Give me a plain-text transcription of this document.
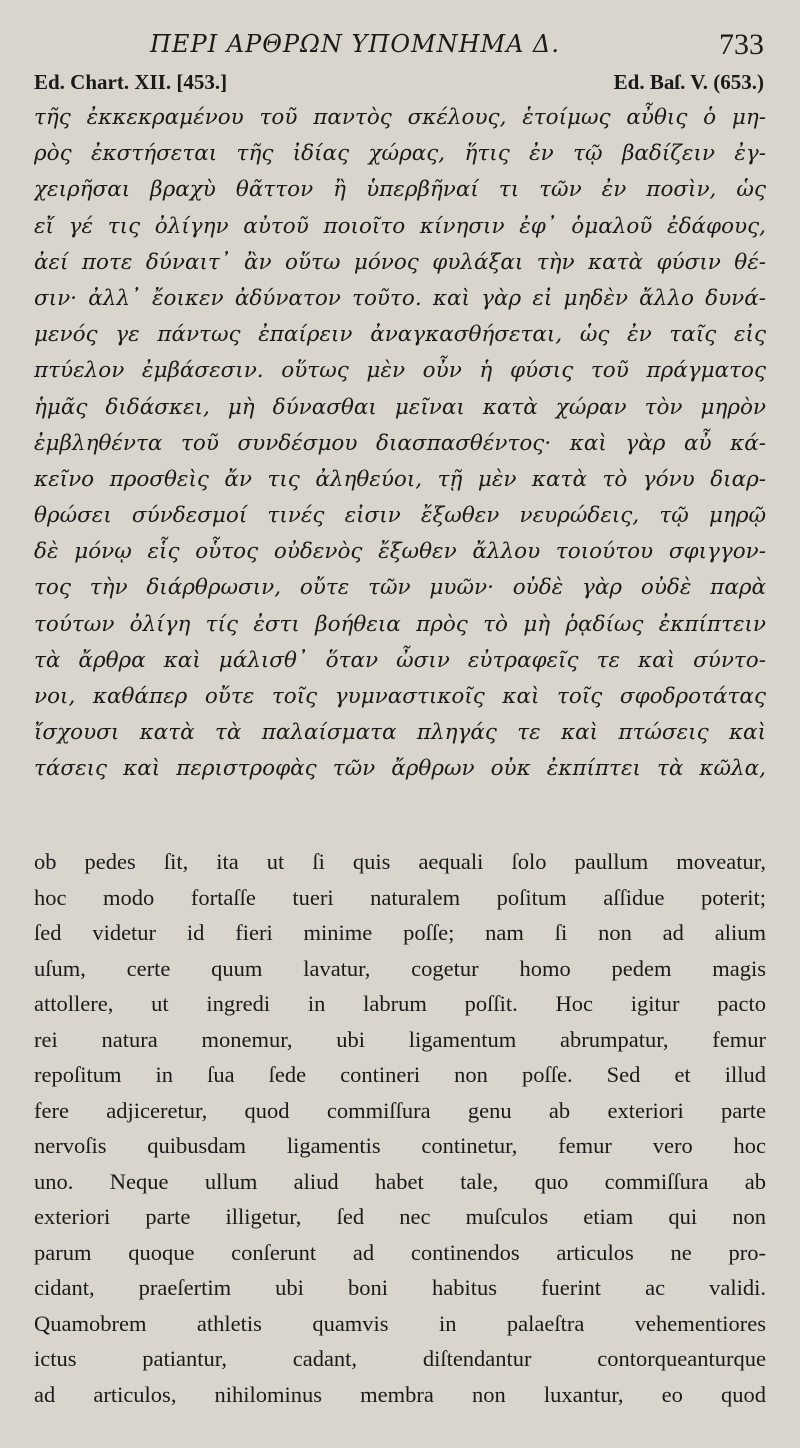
ΠΕΡΙ ΑΡΘΡΩΝ ΥΠΟΜΝΗΜΑ Δ.	733
Ed. Chart. XII. [453.]	Ed. Baſ. V. (653.)
τῆς ἐκκεκραμένου τοῦ παντὸς σκέλους, ἑτοίμως αὖθις ὁ μη-
ρὸς ἐκστήσεται τῆς ἰδίας χώρας, ἥτις ἐν τῷ βαδίζειν ἐγ-
χειρῆσαι βραχὺ θᾶττον ἢ ὑπερβῆναί τι τῶν ἐν ποσὶν, ὡς
εἴ γέ τις ὀλίγην αὐτοῦ ποιοῖτο κίνησιν ἐφ᾿ ὁμαλοῦ ἐδάφους,
ἀεί ποτε δύναιτ᾿ ἂν οὕτω μόνος φυλάξαι τὴν κατὰ φύσιν θέ-
σιν· ἀλλ᾿ ἔοικεν ἀδύνατον τοῦτο. καὶ γὰρ εἰ μηδὲν ἄλλο δυνά-
μενός γε πάντως ἐπαίρειν ἀναγκασθήσεται, ὡς ἐν ταῖς εἰς
πτύελον ἐμβάσεσιν. οὕτως μὲν οὖν ἡ φύσις τοῦ πράγματος
ἡμᾶς διδάσκει, μὴ δύνασθαι μεῖναι κατὰ χώραν τὸν μηρὸν
ἐμβληθέντα τοῦ συνδέσμου διασπασθέντος· καὶ γὰρ αὖ κά-
κεῖνο προσθεὶς ἄν τις ἀληθεύοι, τῇ μὲν κατὰ τὸ γόνυ διαρ-
θρώσει σύνδεσμοί τινές εἰσιν ἔξωθεν νευρώδεις, τῷ μηρῷ
δὲ μόνῳ εἷς οὗτος οὐδενὸς ἔξωθεν ἄλλου τοιούτου σφιγγον-
τος τὴν διάρθρωσιν, οὔτε τῶν μυῶν· οὐδὲ γὰρ οὐδὲ παρὰ
τούτων ὀλίγη τίς ἐστι βοήθεια πρὸς τὸ μὴ ῥᾳδίως ἐκπίπτειν
τὰ ἄρθρα καὶ μάλισθ᾿ ὅταν ὦσιν εὐτραφεῖς τε καὶ σύντο-
νοι, καθάπερ οὔτε τοῖς γυμναστικοῖς καὶ τοῖς σφοδροτάτας
ἴσχουσι κατὰ τὰ παλαίσματα πληγάς τε καὶ πτώσεις καὶ
τάσεις καὶ περιστροφὰς τῶν ἄρθρων οὐκ ἐκπίπτει τὰ κῶλα,
ob pedes ſit, ita ut ſi quis aequali ſolo paullum moveatur,
hoc modo fortaſſe tueri naturalem poſitum aſſidue poterit;
ſed videtur id fieri minime poſſe; nam ſi non ad alium
uſum, certe quum lavatur, cogetur homo pedem magis
attollere, ut ingredi in labrum poſſit. Hoc igitur pacto
rei natura monemur, ubi ligamentum abrumpatur, femur
repoſitum in ſua ſede contineri non poſſe. Sed et illud
fere adjiceretur, quod commiſſura genu ab exteriori parte
nervoſis quibusdam ligamentis continetur, femur vero hoc
uno. Neque ullum aliud habet tale, quo commiſſura ab
exteriori parte illigetur, ſed nec muſculos etiam qui non
parum quoque conſerunt ad continendos articulos ne pro-
cidant, praeſertim ubi boni habitus fuerint ac validi.
Quamobrem athletis quamvis in palaeſtra vehementiores
ictus patiantur, cadant, diſtendantur contorqueanturque
ad articulos, nihilominus membra non luxantur, eo quod
